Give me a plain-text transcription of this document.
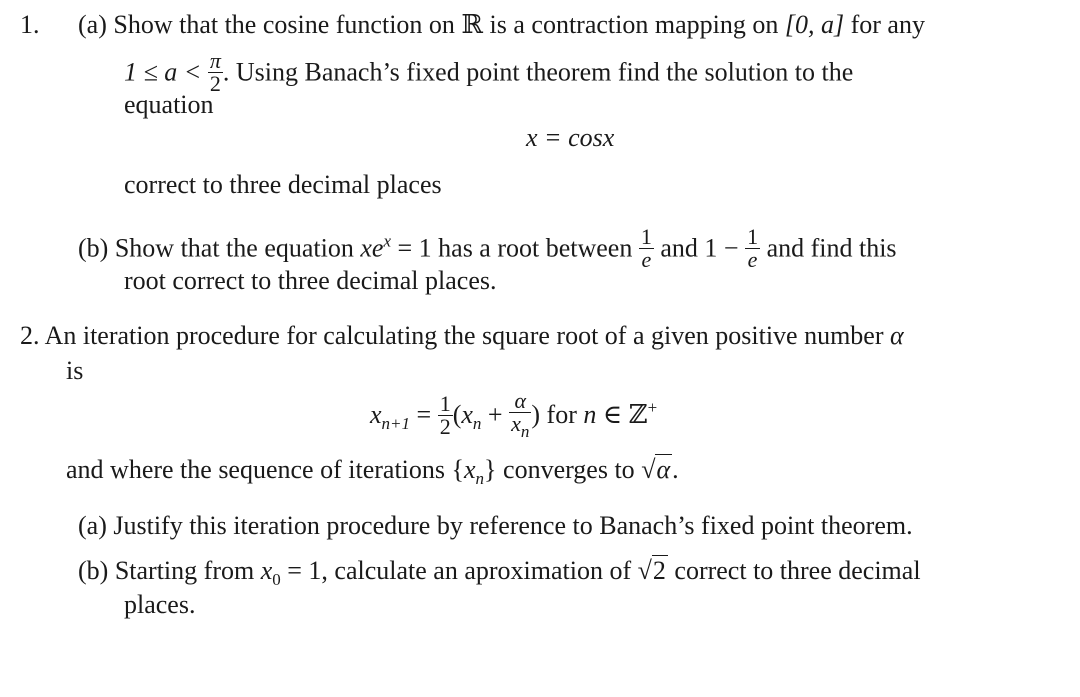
1. (a) Show that the cosine function on ℝ is a contraction mapping on [0, a] for any
$1 \le a < \frac{\pi}{2}$ . Using Banach’s fixed point theorem find the solution to the
equation
x = cosx
correct to three decimal places
(b) Show that the equation $xe^x = 1$ has a root between $\frac{1}{e}$ and $1 - \frac{1}{e}$ and find this
root correct to three decimal places.
2. An iteration procedure for calculating the square root of a given positive number α
is
$x_{n+1} = \frac{1}{2} (x_n + \frac{\alpha}{x_n}$ ) for n ∈ ℤ+
and where the sequence of iterations $\{x_n\}$ converges to √α.
(a) Justify this iteration procedure by reference to Banach’s fixed point theorem.
(b) Starting from $x_0 = 1$, calculate an aproximation of √2 correct to three decimal
places.
